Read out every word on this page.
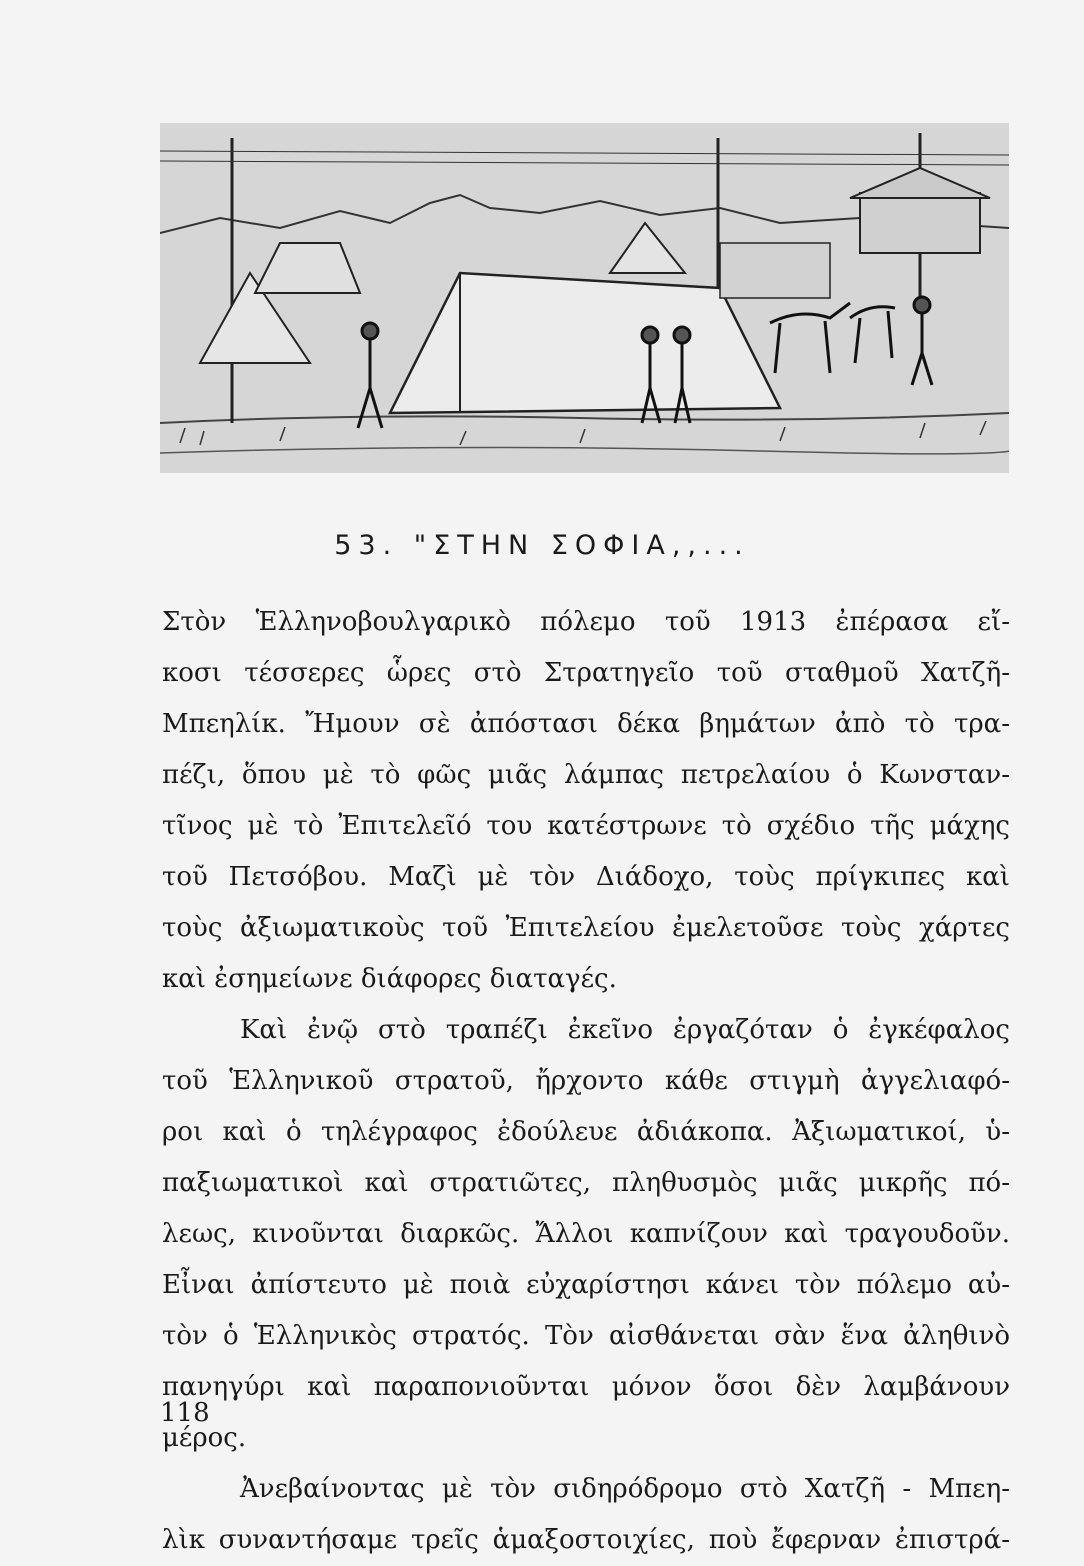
53. "ΣΤΗΝ ΣΟΦΙΑ,,...
Στὸν Ἑλληνοβουλγαρικὸ πόλεμο τοῦ 1913 ἐπέρασα εἴ-
κοσι τέσσερες ὧρες στὸ Στρατηγεῖο τοῦ σταθμοῦ Χατζῆ-
Μπεηλίκ. Ἤμουν σὲ ἀπόστασι δέκα βημάτων ἀπὸ τὸ τρα-
πέζι, ὅπου μὲ τὸ φῶς μιᾶς λάμπας πετρελαίου ὁ Κωνσταν-
τῖνος μὲ τὸ Ἐπιτελεῖό του κατέστρωνε τὸ σχέδιο τῆς μάχης
τοῦ Πετσόβου. Μαζὶ μὲ τὸν Διάδοχο, τοὺς πρίγκιπες καὶ
τοὺς ἀξιωματικοὺς τοῦ Ἐπιτελείου ἐμελετοῦσε τοὺς χάρτες
καὶ ἐσημείωνε διάφορες διαταγές.
Καὶ ἐνῷ στὸ τραπέζι ἐκεῖνο ἐργαζόταν ὁ ἐγκέφαλος
τοῦ Ἑλληνικοῦ στρατοῦ, ἤρχοντο κάθε στιγμὴ ἀγγελιαφό-
ροι καὶ ὁ τηλέγραφος ἐδούλευε ἀδιάκοπα. Ἀξιωματικοί, ὑ-
παξιωματικοὶ καὶ στρατιῶτες, πληθυσμὸς μιᾶς μικρῆς πό-
λεως, κινοῦνται διαρκῶς. Ἄλλοι καπνίζουν καὶ τραγουδοῦν.
Εἶναι ἀπίστευτο μὲ ποιὰ εὐχαρίστησι κάνει τὸν πόλεμο αὐ-
τὸν ὁ Ἑλληνικὸς στρατός. Τὸν αἰσθάνεται σὰν ἕνα ἀληθινὸ
πανηγύρι καὶ παραπονιοῦνται μόνον ὅσοι δὲν λαμβάνουν
μέρος.
Ἀνεβαίνοντας μὲ τὸν σιδηρόδρομο στὸ Χατζῆ - Μπεη-
λὶκ συναντήσαμε τρεῖς ἁμαξοστοιχίες, ποὺ ἔφερναν ἐπιστρά-
118
